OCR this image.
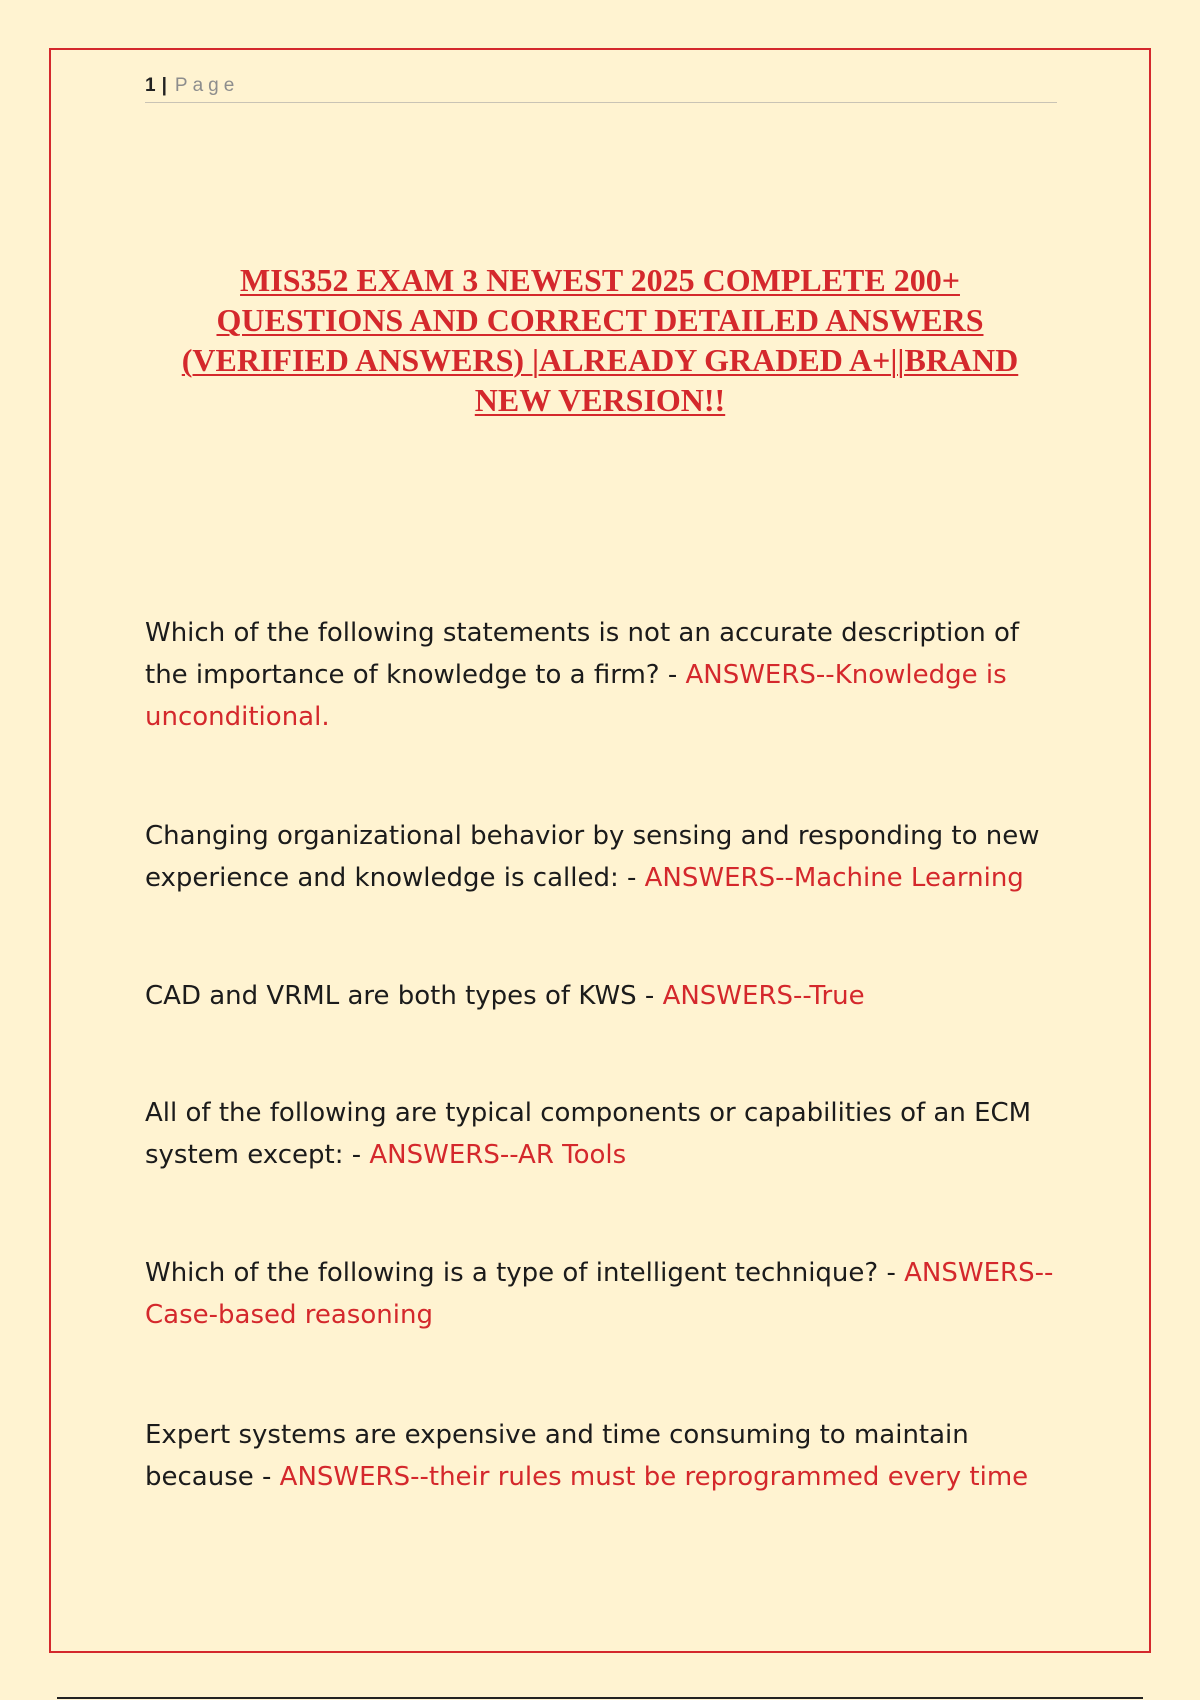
1 | Page
MIS352 EXAM 3 NEWEST 2025 COMPLETE 200+ QUESTIONS AND CORRECT DETAILED ANSWERS (VERIFIED ANSWERS) |ALREADY GRADED A+||BRAND NEW VERSION!!

Which of the following statements is not an accurate description of the importance of knowledge to a firm? - ANSWERS--Knowledge is unconditional.

Changing organizational behavior by sensing and responding to new experience and knowledge is called: - ANSWERS--Machine Learning

CAD and VRML are both types of KWS - ANSWERS--True

All of the following are typical components or capabilities of an ECM system except: - ANSWERS--AR Tools

Which of the following is a type of intelligent technique? - ANSWERS--Case-based reasoning

Expert systems are expensive and time consuming to maintain because - ANSWERS--their rules must be reprogrammed every time
